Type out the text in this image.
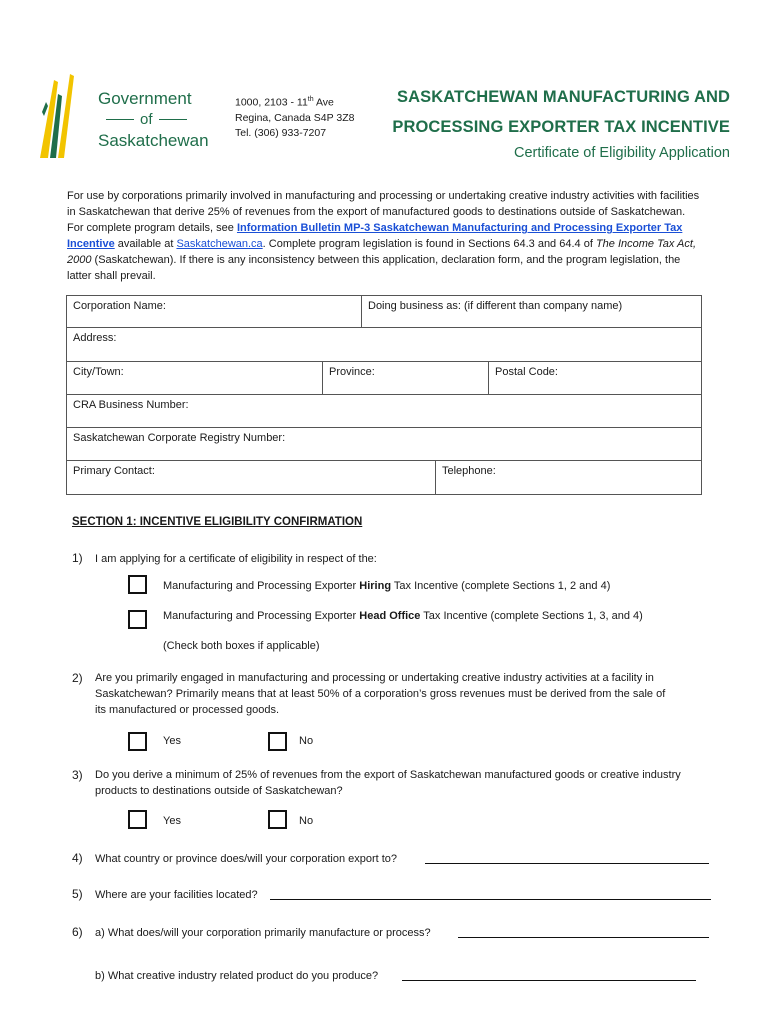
Government
of
Saskatchewan
1000, 2103 - 11th Ave
Regina, Canada S4P 3Z8
Tel. (306) 933-7207
SASKATCHEWAN MANUFACTURING AND
PROCESSING EXPORTER TAX INCENTIVE
Certificate of Eligibility Application
For use by corporations primarily involved in manufacturing and processing or undertaking creative industry activities with facilities in Saskatchewan that derive 25% of revenues from the export of manufactured goods to destinations outside of Saskatchewan. For complete program details, see Information Bulletin MP-3 Saskatchewan Manufacturing and Processing Exporter Tax Incentive available at Saskatchewan.ca. Complete program legislation is found in Sections 64.3 and 64.4 of The Income Tax Act, 2000 (Saskatchewan). If there is any inconsistency between this application, declaration form, and the program legislation, the latter shall prevail.
Corporation Name:	Doing business as: (if different than company name)
Address:
City/Town:	Province:	Postal Code:
CRA Business Number:
Saskatchewan Corporate Registry Number:
Primary Contact:	Telephone:
SECTION 1: INCENTIVE ELIGIBILITY CONFIRMATION
1) I am applying for a certificate of eligibility in respect of the:
Manufacturing and Processing Exporter Hiring Tax Incentive (complete Sections 1, 2 and 4)
Manufacturing and Processing Exporter Head Office Tax Incentive (complete Sections 1, 3, and 4)
(Check both boxes if applicable)
2) Are you primarily engaged in manufacturing and processing or undertaking creative industry activities at a facility in Saskatchewan? Primarily means that at least 50% of a corporation’s gross revenues must be derived from the sale of its manufactured or processed goods.
Yes	No
3) Do you derive a minimum of 25% of revenues from the export of Saskatchewan manufactured goods or creative industry products to destinations outside of Saskatchewan?
Yes	No
4) What country or province does/will your corporation export to?
5) Where are your facilities located?
6) a) What does/will your corporation primarily manufacture or process?
b) What creative industry related product do you produce?
